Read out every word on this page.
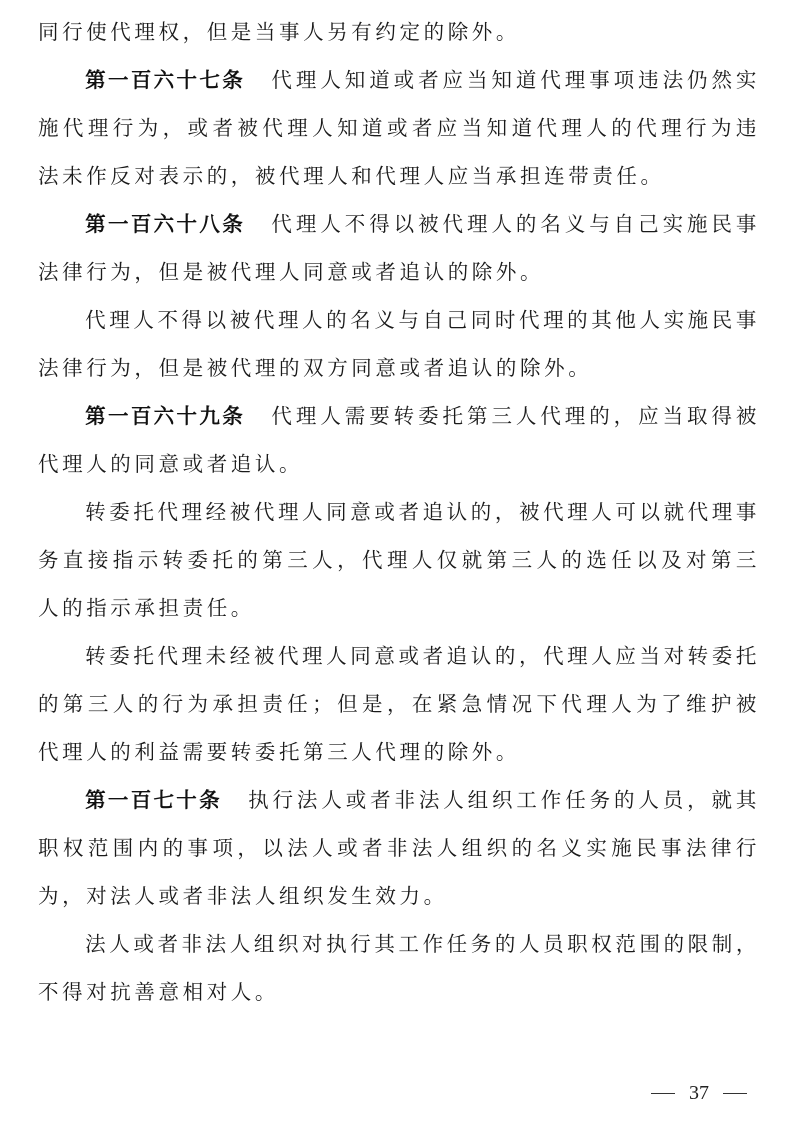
同行使代理权，但是当事人另有约定的除外。

第一百六十七条 代理人知道或者应当知道代理事项违法仍然实施代理行为，或者被代理人知道或者应当知道代理人的代理行为违法未作反对表示的，被代理人和代理人应当承担连带责任。

第一百六十八条 代理人不得以被代理人的名义与自己实施民事法律行为，但是被代理人同意或者追认的除外。

代理人不得以被代理人的名义与自己同时代理的其他人实施民事法律行为，但是被代理的双方同意或者追认的除外。

第一百六十九条 代理人需要转委托第三人代理的，应当取得被代理人的同意或者追认。

转委托代理经被代理人同意或者追认的，被代理人可以就代理事务直接指示转委托的第三人，代理人仅就第三人的选任以及对第三人的指示承担责任。

转委托代理未经被代理人同意或者追认的，代理人应当对转委托的第三人的行为承担责任；但是，在紧急情况下代理人为了维护被代理人的利益需要转委托第三人代理的除外。

第一百七十条 执行法人或者非法人组织工作任务的人员，就其职权范围内的事项，以法人或者非法人组织的名义实施民事法律行为，对法人或者非法人组织发生效力。

法人或者非法人组织对执行其工作任务的人员职权范围的限制，不得对抗善意相对人。

37
